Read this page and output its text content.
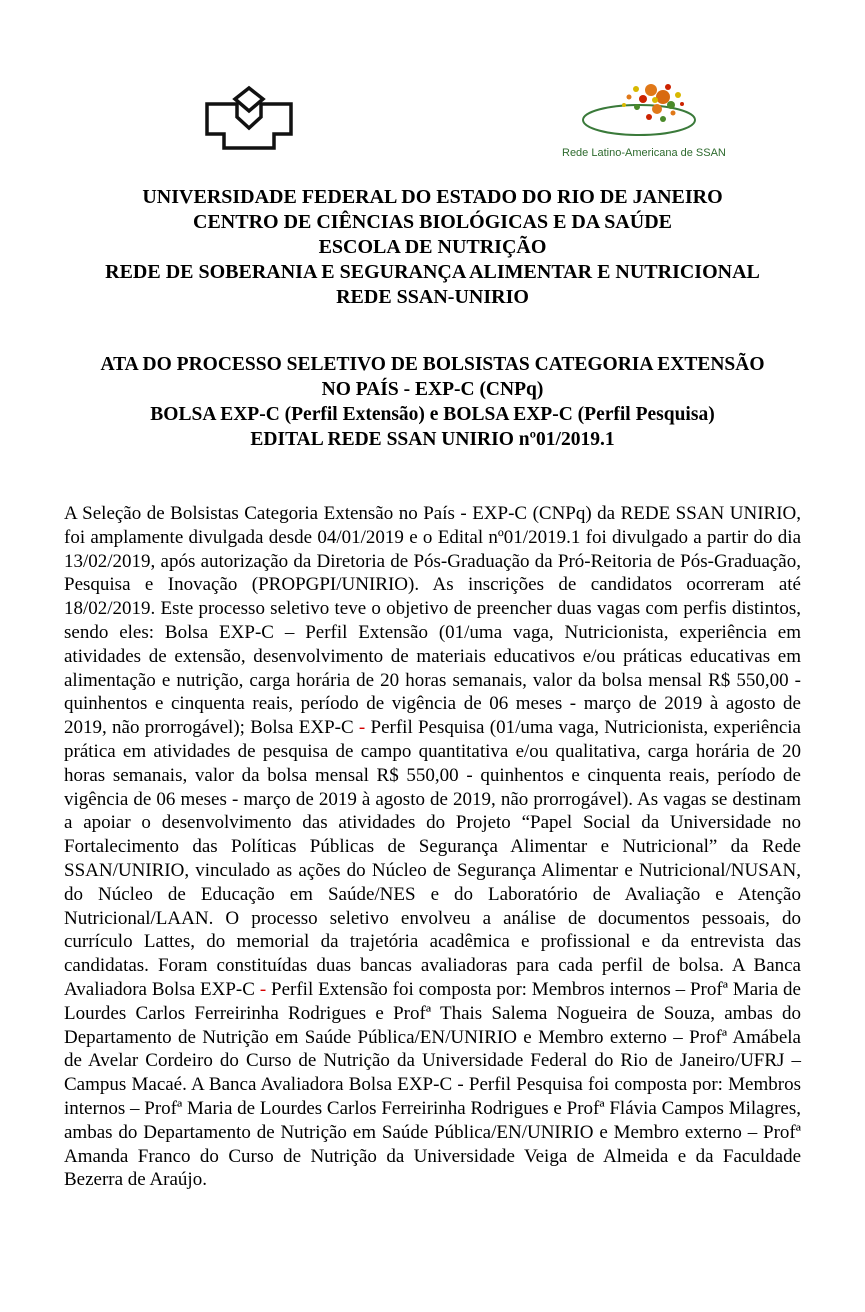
Rede Latino-Americana de SSAN
UNIVERSIDADE FEDERAL DO ESTADO DO RIO DE JANEIRO
CENTRO DE CIÊNCIAS BIOLÓGICAS E DA SAÚDE
ESCOLA DE NUTRIÇÃO
REDE DE SOBERANIA E SEGURANÇA ALIMENTAR E NUTRICIONAL
REDE SSAN-UNIRIO
ATA DO PROCESSO SELETIVO DE BOLSISTAS CATEGORIA EXTENSÃO
NO PAÍS - EXP-C (CNPq)
BOLSA EXP-C (Perfil Extensão) e BOLSA EXP-C (Perfil Pesquisa)
EDITAL REDE SSAN UNIRIO nº01/2019.1

A Seleção de Bolsistas Categoria Extensão no País - EXP-C (CNPq) da REDE SSAN UNIRIO, foi amplamente divulgada desde 04/01/2019 e o Edital nº01/2019.1 foi divulgado a partir do dia 13/02/2019, após autorização da Diretoria de Pós-Graduação da Pró-Reitoria de Pós-Graduação, Pesquisa e Inovação (PROPGPI/UNIRIO). As inscrições de candidatos ocorreram até 18/02/2019. Este processo seletivo teve o objetivo de preencher duas vagas com perfis distintos, sendo eles: Bolsa EXP-C – Perfil Extensão (01/uma vaga, Nutricionista, experiência em atividades de extensão, desenvolvimento de materiais educativos e/ou práticas educativas em alimentação e nutrição, carga horária de 20 horas semanais, valor da bolsa mensal R$ 550,00 - quinhentos e cinquenta reais, período de vigência de 06 meses - março de 2019 à agosto de 2019, não prorrogável); Bolsa EXP-C - Perfil Pesquisa (01/uma vaga, Nutricionista, experiência prática em atividades de pesquisa de campo quantitativa e/ou qualitativa, carga horária de 20 horas semanais, valor da bolsa mensal R$ 550,00 - quinhentos e cinquenta reais, período de vigência de 06 meses - março de 2019 à agosto de 2019, não prorrogável). As vagas se destinam a apoiar o desenvolvimento das atividades do Projeto “Papel Social da Universidade no Fortalecimento das Políticas Públicas de Segurança Alimentar e Nutricional” da Rede SSAN/UNIRIO, vinculado as ações do Núcleo de Segurança Alimentar e Nutricional/NUSAN, do Núcleo de Educação em Saúde/NES e do Laboratório de Avaliação e Atenção Nutricional/LAAN. O processo seletivo envolveu a análise de documentos pessoais, do currículo Lattes, do memorial da trajetória acadêmica e profissional e da entrevista das candidatas. Foram constituídas duas bancas avaliadoras para cada perfil de bolsa. A Banca Avaliadora Bolsa EXP-C - Perfil Extensão foi composta por: Membros internos – Profª Maria de Lourdes Carlos Ferreirinha Rodrigues e Profª Thais Salema Nogueira de Souza, ambas do Departamento de Nutrição em Saúde Pública/EN/UNIRIO e Membro externo – Profª Amábela de Avelar Cordeiro do Curso de Nutrição da Universidade Federal do Rio de Janeiro/UFRJ – Campus Macaé. A Banca Avaliadora Bolsa EXP-C - Perfil Pesquisa foi composta por: Membros internos – Profª Maria de Lourdes Carlos Ferreirinha Rodrigues e Profª Flávia Campos Milagres, ambas do Departamento de Nutrição em Saúde Pública/EN/UNIRIO e Membro externo – Profª Amanda Franco do Curso de Nutrição da Universidade Veiga de Almeida e da Faculdade Bezerra de Araújo.
